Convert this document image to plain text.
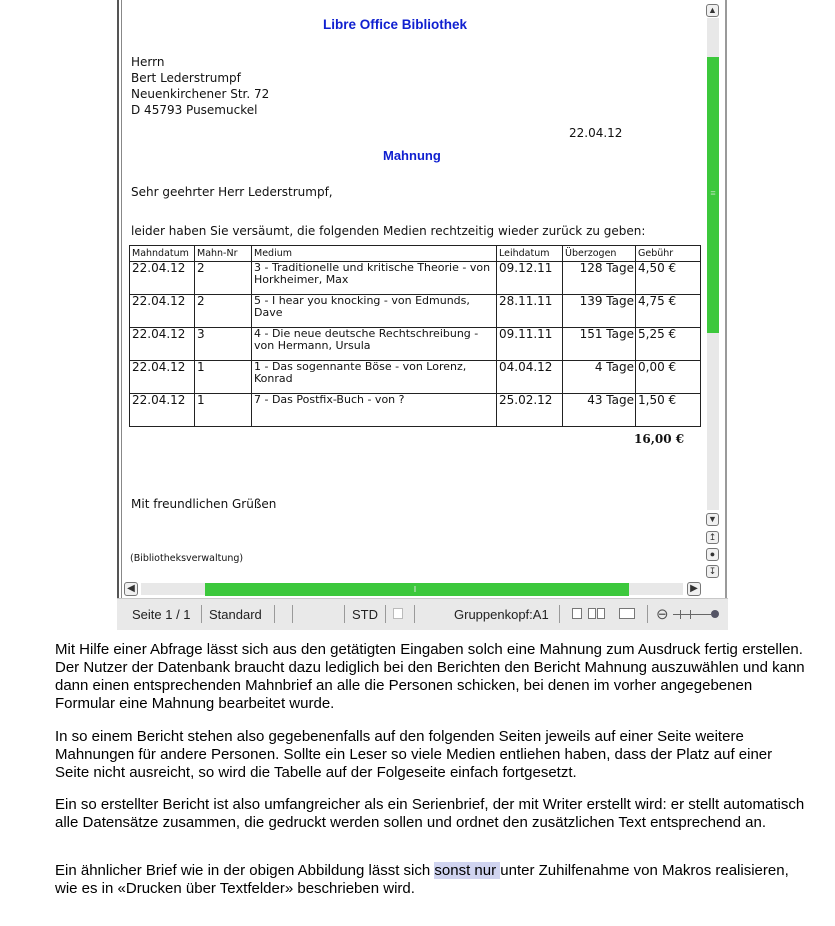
Libre Office Bibliothek
Herrn
Bert Lederstrumpf
Neuenkirchener Str. 72
D 45793 Pusemuckel
22.04.12
Mahnung
Sehr geehrter Herr Lederstrumpf,
leider haben Sie versäumt, die folgenden Medien rechtzeitig wieder zurück zu geben:
Mahndatum	Mahn-Nr	Medium	Leihdatum	Überzogen	Gebühr
22.04.12	2	3 - Traditionelle und kritische Theorie - von Horkheimer, Max	09.12.11	128 Tage	4,50 €
22.04.12	2	5 - I hear you knocking - von Edmunds, Dave	28.11.11	139 Tage	4,75 €
22.04.12	3	4 - Die neue deutsche Rechtschreibung - von Hermann, Ursula	09.11.11	151 Tage	5,25 €
22.04.12	1	1 - Das sogennante Böse - von Lorenz, Konrad	04.04.12	4 Tage	0,00 €
22.04.12	1	7 - Das Postfix-Buch - von ?	25.02.12	43 Tage	1,50 €
16,00 €
Mit freundlichen Grüßen
(Bibliotheksverwaltung)
▲
≡
▼
↥
●
↧
◀	‖	▶
Seite 1 / 1 Standard	STD	Gruppenkopf:A1	⊖

Mit Hilfe einer Abfrage lässt sich aus den getätigten Eingaben solch eine Mahnung zum Ausdruck fertig erstellen. Der Nutzer der Datenbank braucht dazu lediglich bei den Berichten den Bericht Mahnung auszuwählen und kann dann einen entsprechenden Mahnbrief an alle die Personen schicken, bei denen im vorher angegebenen Formular eine Mahnung bearbeitet wurde.

In so einem Bericht stehen also gegebenenfalls auf den folgenden Seiten jeweils auf einer Seite weitere Mahnungen für andere Personen. Sollte ein Leser so viele Medien entliehen haben, dass der Platz auf einer Seite nicht ausreicht, so wird die Tabelle auf der Folgeseite einfach fortgesetzt.

Ein so erstellter Bericht ist also umfangreicher als ein Serienbrief, der mit Writer erstellt wird: er stellt automatisch alle Datensätze zusammen, die gedruckt werden sollen und ordnet den zusätzlichen Text entsprechend an.

Ein ähnlicher Brief wie in der obigen Abbildung lässt sich sonst nur unter Zuhilfenahme von Makros realisieren, wie es in «Drucken über Textfelder» beschrieben wird.
